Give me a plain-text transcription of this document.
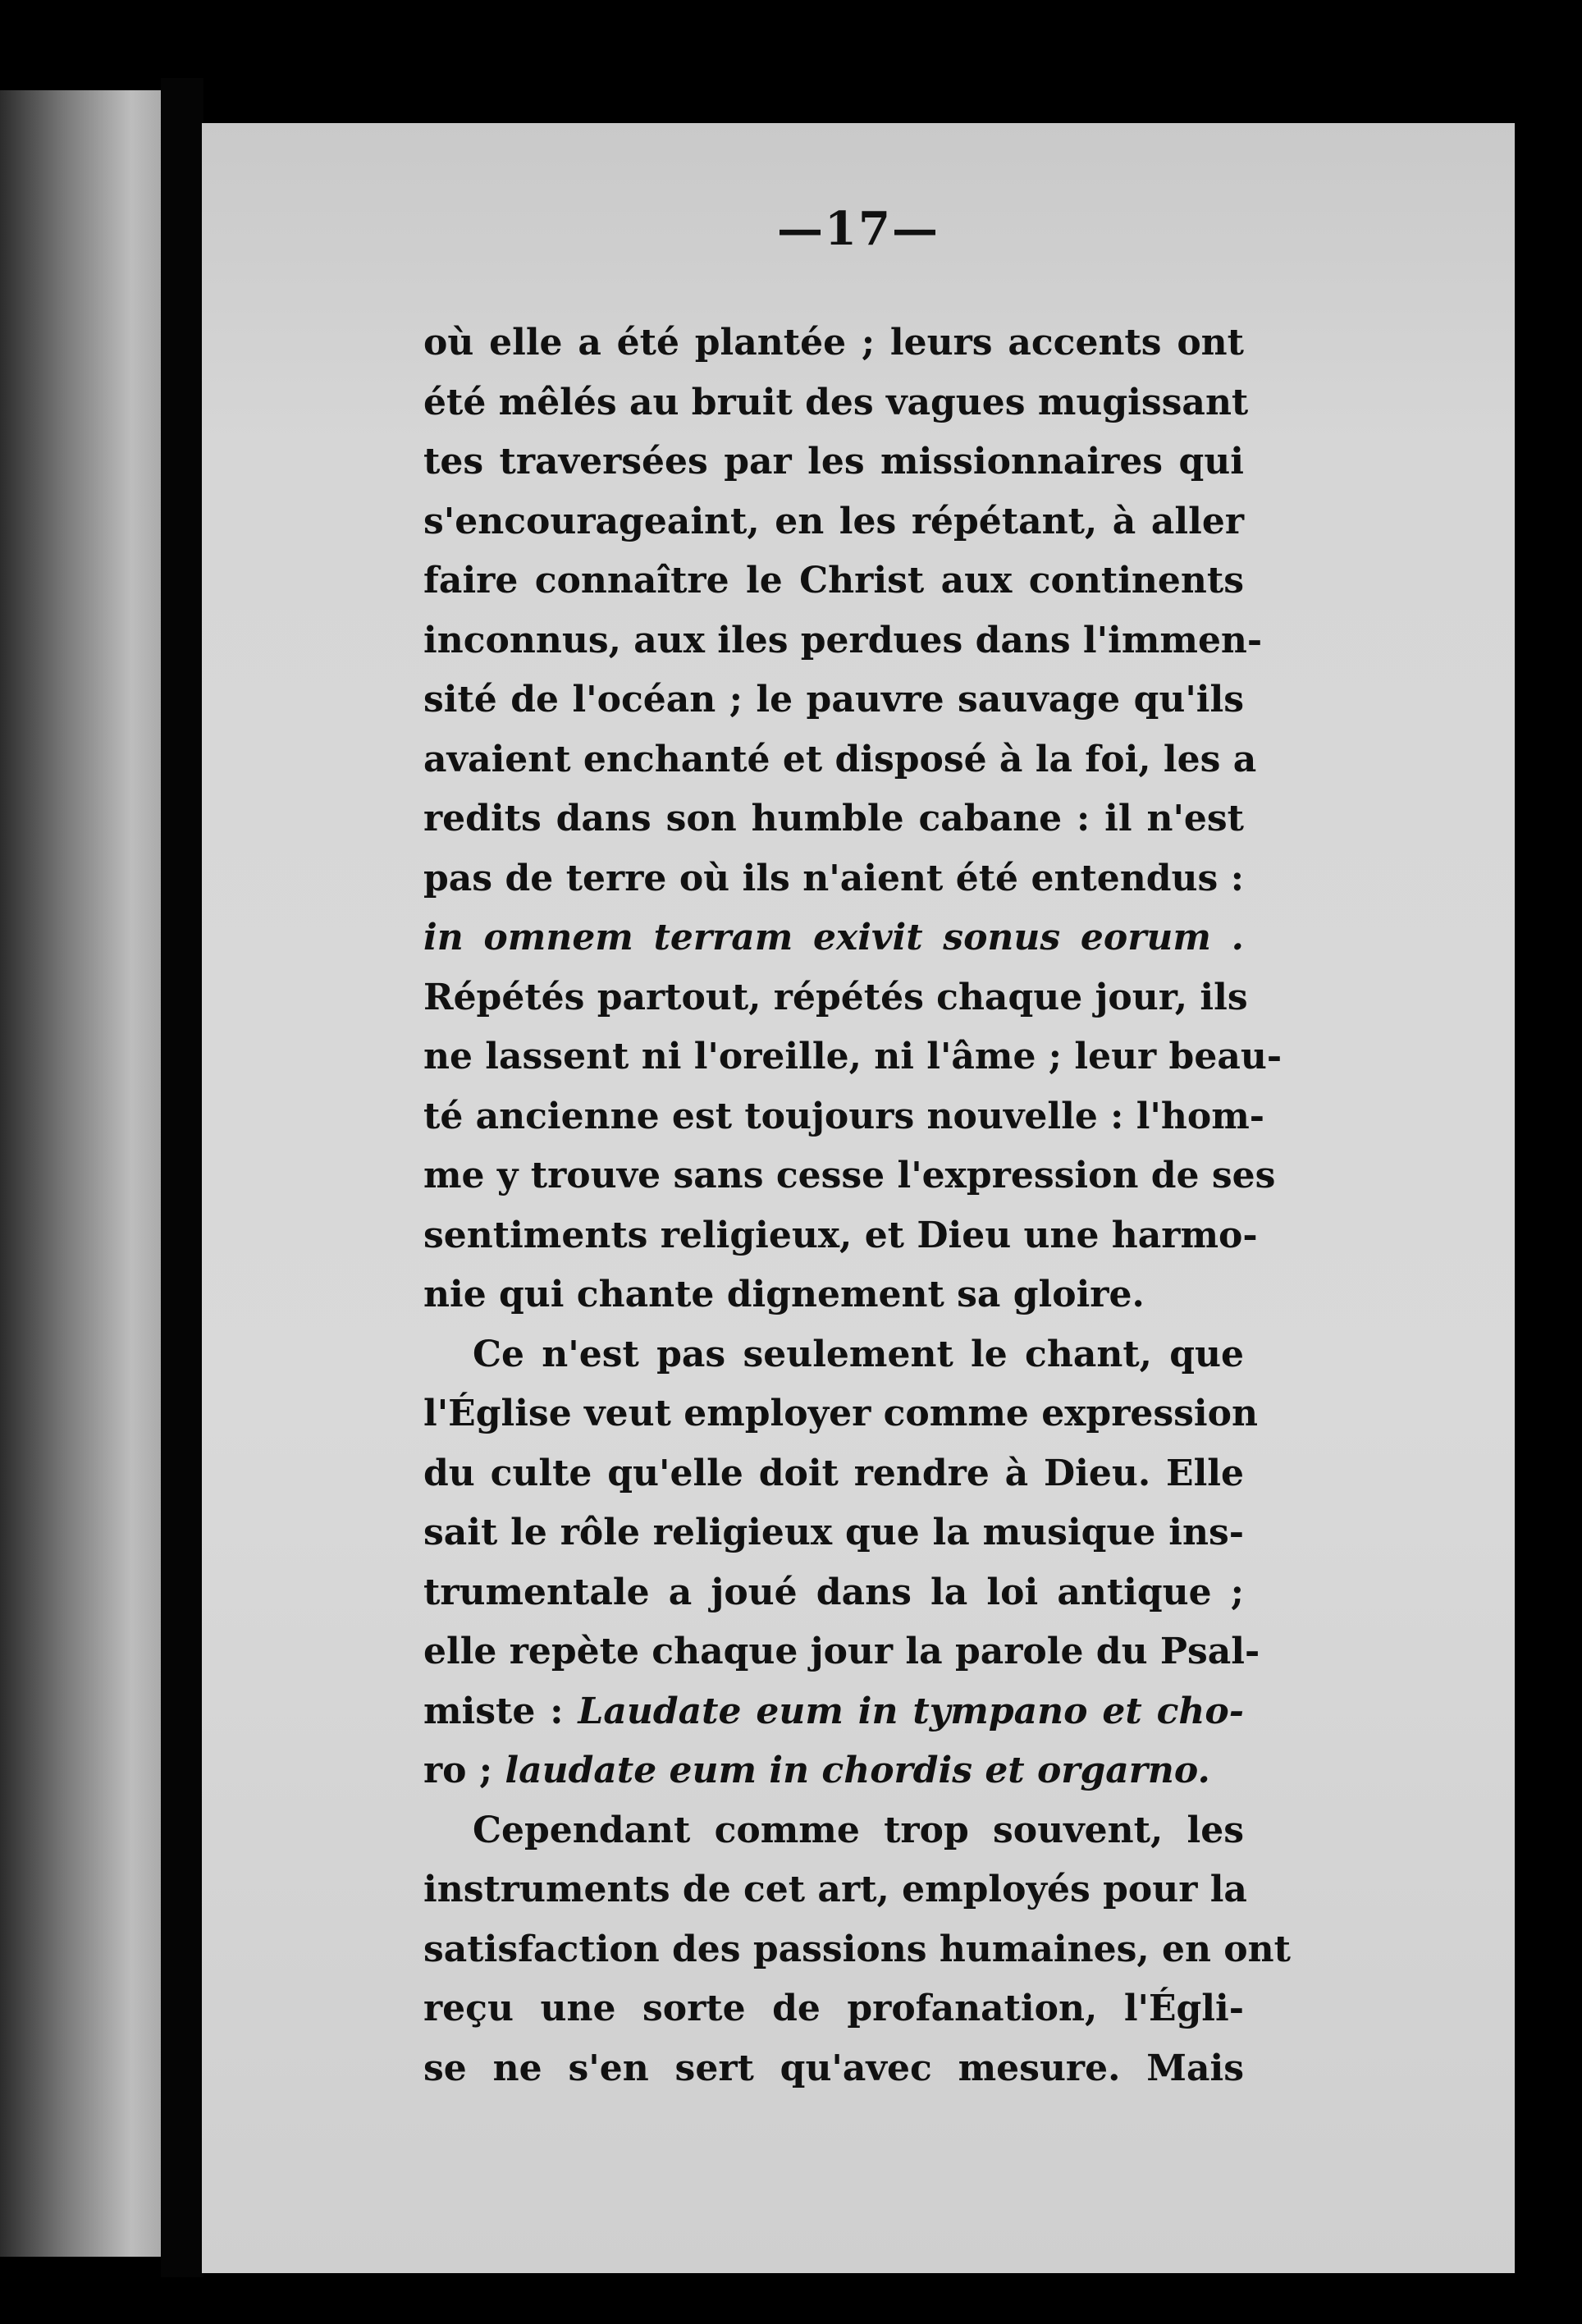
—17—
où elle a été plantée ; leurs accents ont
été mêlés au bruit des vagues mugissant
tes traversées par les missionnaires qui
s'encourageaint, en les répétant, à aller
faire connaître le Christ aux continents
inconnus, aux iles perdues dans l'immen-
sité de l'océan ; le pauvre sauvage qu'ils
avaient enchanté et disposé à la foi, les a
redits dans son humble cabane : il n'est
pas de terre où ils n'aient été entendus :
in omnem terram exivit sonus eorum .
Répétés partout, répétés chaque jour, ils
ne lassent ni l'oreille, ni l'âme ; leur beau-
té ancienne est toujours nouvelle : l'hom-
me y trouve sans cesse l'expression de ses
sentiments religieux, et Dieu une harmo-
nie qui chante dignement sa gloire.
Ce n'est pas seulement le chant, que
l'Église veut employer comme expression
du culte qu'elle doit rendre à Dieu. Elle
sait le rôle religieux que la musique ins-
trumentale a joué dans la loi antique ;
elle repète chaque jour la parole du Psal-
miste : Laudate eum in tympano et cho-
ro ; laudate eum in chordis et orgarno.
Cependant comme trop souvent, les
instruments de cet art, employés pour la
satisfaction des passions humaines, en ont
reçu une sorte de profanation, l'Églі-
se ne s'en sert qu'avec mesure. Mais
